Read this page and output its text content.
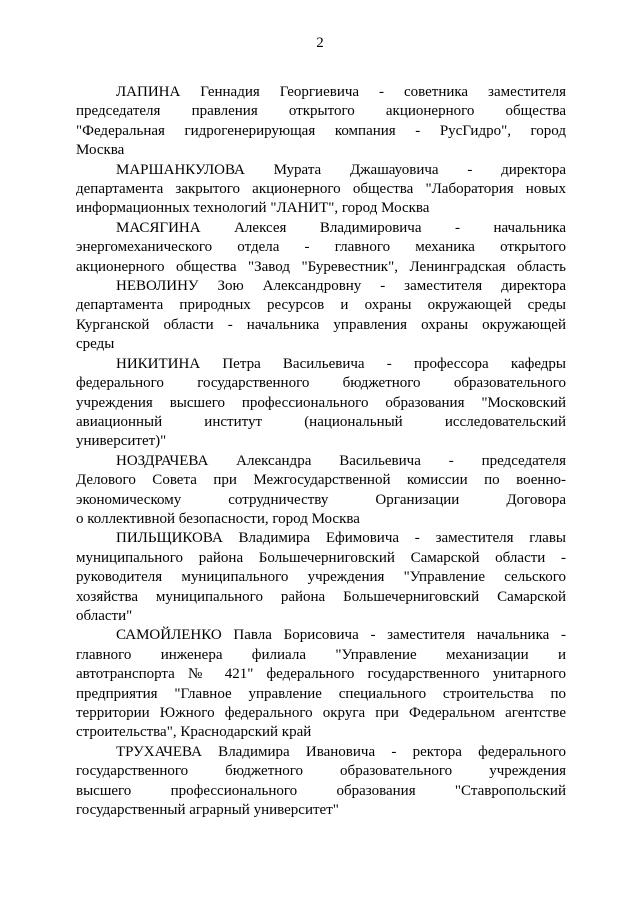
2

ЛАПИНА Геннадия Георгиевича - советника заместителя
председателя правления открытого акционерного общества
"Федеральная гидрогенерирующая компания - РусГидро", город
Москва

МАРШАНКУЛОВА Мурата Джашауовича - директора
департамента закрытого акционерного общества "Лаборатория новых
информационных технологий "ЛАНИТ", город Москва

МАСЯГИНА Алексея Владимировича - начальника
энергомеханического отдела - главного механика открытого
акционерного общества "Завод "Буревестник", Ленинградская область

НЕВОЛИНУ Зою Александровну - заместителя директора
департамента природных ресурсов и охраны окружающей среды
Курганской области - начальника управления охраны окружающей
среды

НИКИТИНА Петра Васильевича - профессора кафедры
федерального государственного бюджетного образовательного
учреждения высшего профессионального образования "Московский
авиационный институт (национальный исследовательский
университет)"

НОЗДРАЧЕВА Александра Васильевича - председателя
Делового Совета при Межгосударственной комиссии по военно-
экономическому сотрудничеству Организации Договора
о коллективной безопасности, город Москва

ПИЛЬЩИКОВА Владимира Ефимовича - заместителя главы
муниципального района Большечерниговский Самарской области -
руководителя муниципального учреждения "Управление сельского
хозяйства муниципального района Большечерниговский Самарской
области"

САМОЙЛЕНКО Павла Борисовича - заместителя начальника -
главного инженера филиала "Управление механизации и
автотранспорта № 421" федерального государственного унитарного
предприятия "Главное управление специального строительства по
территории Южного федерального округа при Федеральном агентстве
строительства", Краснодарский край

ТРУХАЧЕВА Владимира Ивановича - ректора федерального
государственного бюджетного образовательного учреждения
высшего профессионального образования "Ставропольский
государственный аграрный университет"
